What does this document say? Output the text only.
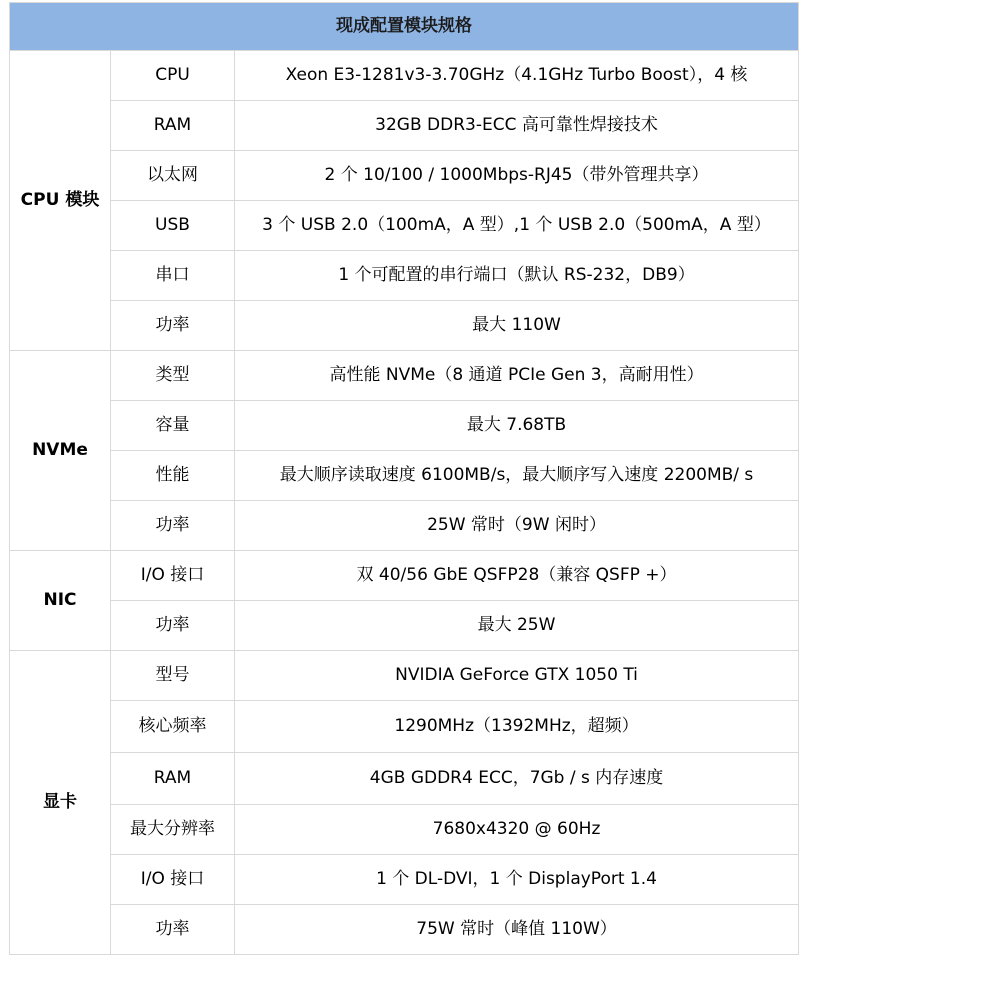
现成配置模块规格		
CPU 模块	CPU	Xeon E3-1281v3-3.70GHz（4.1GHz Turbo Boost），4 核
	RAM	32GB DDR3-ECC 高可靠性焊接技术
	以太网	2 个 10/100 / 1000Mbps-RJ45（带外管理共享）
	USB	3 个 USB 2.0（100mA，A 型）,1 个 USB 2.0（500mA，A 型）
	串口	1 个可配置的串行端口（默认 RS-232，DB9）
	功率	最大 110W
NVMe	类型	高性能 NVMe（8 通道 PCIe Gen 3，高耐用性）
	容量	最大 7.68TB
	性能	最大顺序读取速度 6100MB/s，最大顺序写入速度 2200MB/ s
	功率	25W 常时（9W 闲时）
NIC	I/O 接口	双 40/56 GbE QSFP28（兼容 QSFP +）
	功率	最大 25W
显卡	型号	NVIDIA GeForce GTX 1050 Ti
	核心频率	1290MHz（1392MHz，超频）
	RAM	4GB GDDR4 ECC，7Gb / s 内存速度
	最大分辨率	7680x4320 @ 60Hz
	I/O 接口	1 个 DL-DVI，1 个 DisplayPort 1.4
	功率	75W 常时（峰值 110W）
